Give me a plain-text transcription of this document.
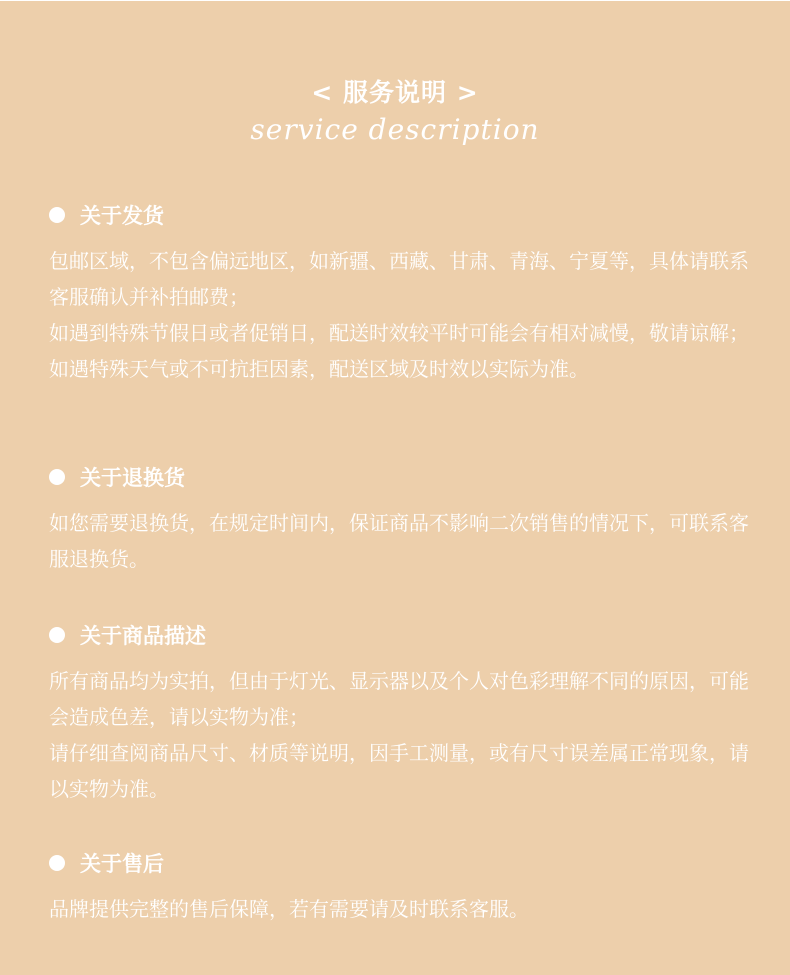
< 服务说明 >
service description
关于发货

包邮区域，不包含偏远地区，如新疆、西藏、甘肃、青海、宁夏等，具体请联系客服确认并补拍邮费；

如遇到特殊节假日或者促销日，配送时效较平时可能会有相对减慢，敬请谅解；

如遇特殊天气或不可抗拒因素，配送区域及时效以实际为准。

关于退换货

如您需要退换货，在规定时间内，保证商品不影响二次销售的情况下，可联系客服退换货。

关于商品描述

所有商品均为实拍，但由于灯光、显示器以及个人对色彩理解不同的原因，可能会造成色差，请以实物为准；

请仔细查阅商品尺寸、材质等说明，因手工测量，或有尺寸误差属正常现象，请以实物为准。

关于售后

品牌提供完整的售后保障，若有需要请及时联系客服。
